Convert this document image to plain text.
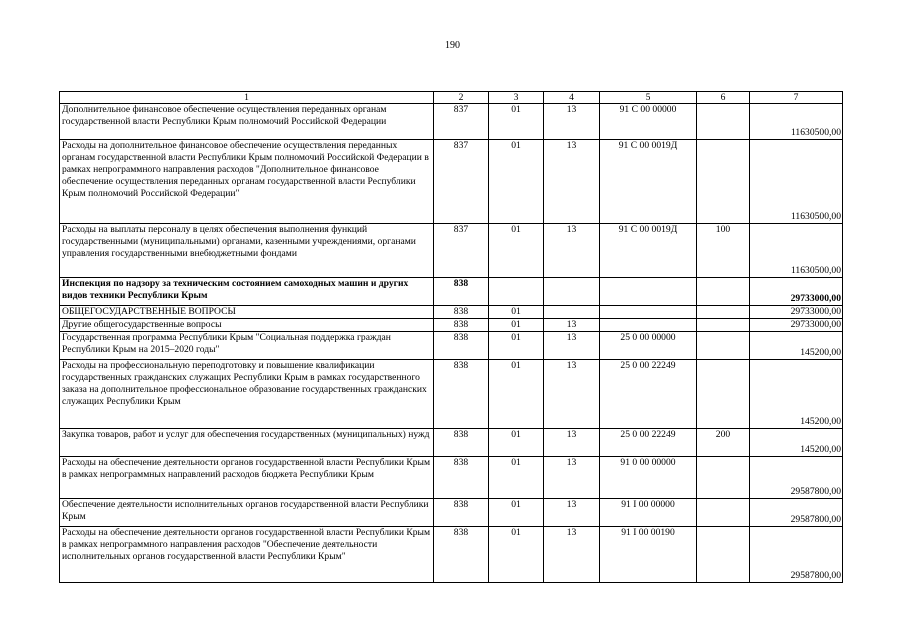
190
1	2	3	4	5	6	7
Дополнительное финансовое обеспечение осуществления переданных органам государственной власти Республики Крым полномочий Российской Федерации	837	01	13	91 С 00 00000		11630500,00
Расходы на дополнительное финансовое обеспечение осуществления переданных органам государственной власти Республики Крым полномочий Российской Федерации в рамках непрограммного направления расходов "Дополнительное финансовое обеспечение осуществления переданных органам государственной власти Республики Крым полномочий Российской Федерации"	837	01	13	91 С 00 0019Д		11630500,00
Расходы на выплаты персоналу в целях обеспечения выполнения функций государственными (муниципальными) органами, казенными учреждениями, органами управления государственными внебюджетными фондами	837	01	13	91 С 00 0019Д	100	11630500,00
Инспекция по надзору за техническим состоянием самоходных машин и других видов техники Республики Крым	838					29733000,00
ОБЩЕГОСУДАРСТВЕННЫЕ ВОПРОСЫ	838	01				29733000,00
Другие общегосударственные вопросы	838	01	13			29733000,00
Государственная программа Республики Крым "Социальная поддержка граждан Республики Крым на 2015–2020 годы"	838	01	13	25 0 00 00000		145200,00
Расходы на профессиональную переподготовку и повышение квалификации государственных гражданских служащих Республики Крым в рамках государственного заказа на дополнительное профессиональное образование государственных гражданских служащих Республики Крым	838	01	13	25 0 00 22249		145200,00
Закупка товаров, работ и услуг для обеспечения государственных (муниципальных) нужд	838	01	13	25 0 00 22249	200	145200,00
Расходы на обеспечение деятельности органов государственной власти Республики Крым в рамках непрограммных направлений расходов бюджета Республики Крым	838	01	13	91 0 00 00000		29587800,00
Обеспечение деятельности исполнительных органов государственной власти Республики Крым	838	01	13	91 I 00 00000		29587800,00
Расходы на обеспечение деятельности органов государственной власти Республики Крым в рамках непрограммного направления расходов "Обеспечение деятельности исполнительных органов государственной власти Республики Крым"	838	01	13	91 I 00 00190		29587800,00
